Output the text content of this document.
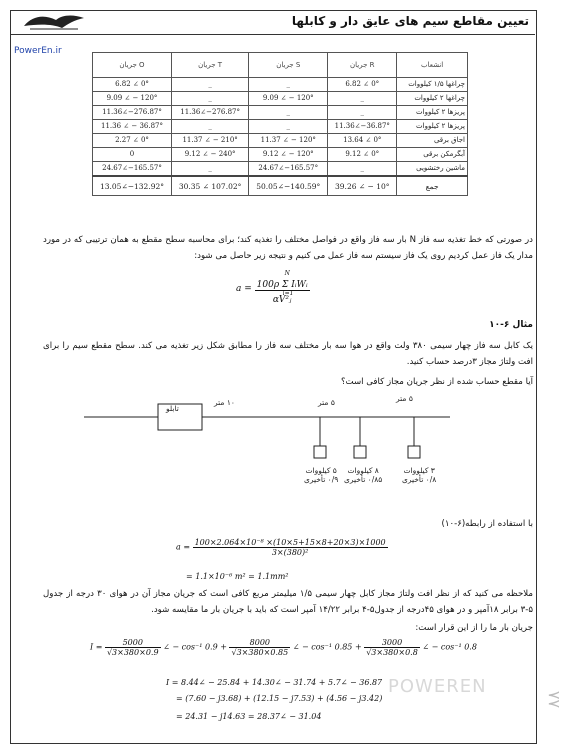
تعیین مقاطع سیم های عایق دار و کابلها
PowerEn.ir
جریان O	جریان T	جریان S	جریان R	انشعاب
6.82 ∠ 0°	_	_	6.82 ∠ 0°	چراغها ۱/۵ کیلووات
9.09 ∠ − 120°	_	9.09 ∠ − 120°	_	چراغها ۲ کیلووات
11.36∠−276.87°	11.36∠−276.87°	_	_	پریزها ۲ کیلووات
11.36 ∠ − 36.87°	_	_	11.36∠−36.87°	پریزها ۲ کیلووات
2.27 ∠ 0°	11.37 ∠ − 210°	11.37 ∠ − 120°	13.64 ∠ 0°	اجاق برقی
0	9.12 ∠ − 240°	9.12 ∠ − 120°	9.12 ∠ 0°	آبگرمکن برقی
24.67∠−165.57°	_	24.67∠−165.57°	_	ماشین رختشویی
13.05∠−132.92°	30.35 ∠ 107.02°	50.05∠−140.59°	39.26 ∠ − 10°	جمع
در صورتی که خط تغذیه سه فاز N بار سه فاز واقع در فواصل مختلف را تغذیه کند؛ برای محاسبه سطح مقطع به همان ترتیبی که در مورد مدار یک فاز عمل کردیم روی یک فاز سیستم سه فاز عمل می کنیم و نتیجه زیر حاصل می شود:
a = N
100ρ Σ IᵢWᵢ
i=1
αV²ⱼ
مثال ۶-۱۰
یک کابل سه فاز چهار سیمی ۳۸۰ ولت واقع در هوا سه بار مختلف سه فاز را مطابق شکل زیر تغذیه می کند. سطح مقطع سیم را برای افت ولتاژ مجاز ۳درصد حساب کنید.
آیا مقطع حساب شده از نظر جریان مجاز کافی است؟
تابلو
۱۰ متر	۵ متر	۵ متر
۵ کیلووات
۰/۹ تأخیری
۸ کیلووات
۰/۸۵ تأخیری
۳ کیلووات
۰/۸ تأخیری
با استفاده از رابطه(۶-۱۰)
$a = \frac{\text{100×2.064×10⁻⁸ ×(10×5+15×8+20×3)×1000}}{\text{3×(380)²}}$
= 1.1×10⁻⁶ m² = 1.1mm²
ملاحظه می کنید که از نظر افت ولتاژ مجاز کابل چهار سیمی ۱/۵ میلیمتر مربع کافی است که جریان مجاز آن در هوای ۳۰ درجه از جدول ۵-۳ برابر ۱۸آمپر و در هوای ۴۵درجه از جدول۵-۴ برابر ۱۴/۲۲ آمپر است که باید با جریان بار ما مقایسه شود.
جریان بار ما را از این قرار است:
$I = \frac{5000}{√3\times 380\times 0.9}$ ∠ − cos⁻¹ $0.9 + \frac{8000}{√3\times 380\times 0.85}$ ∠ − cos⁻¹ $0.85 + \frac{3000}{√3\times 380\times 0.8}$ ∠ − cos⁻¹ 0.8
I = 8.44∠ − 25.84 + 14.30∠ − 31.74 + 5.7∠ − 36.87
= (7.60 − j3.68) + (12.15 − j7.53) + (4.56 − j3.42)
= 24.31 − j14.63 = 28.37∠ − 31.04
POWEREN
۸۸
